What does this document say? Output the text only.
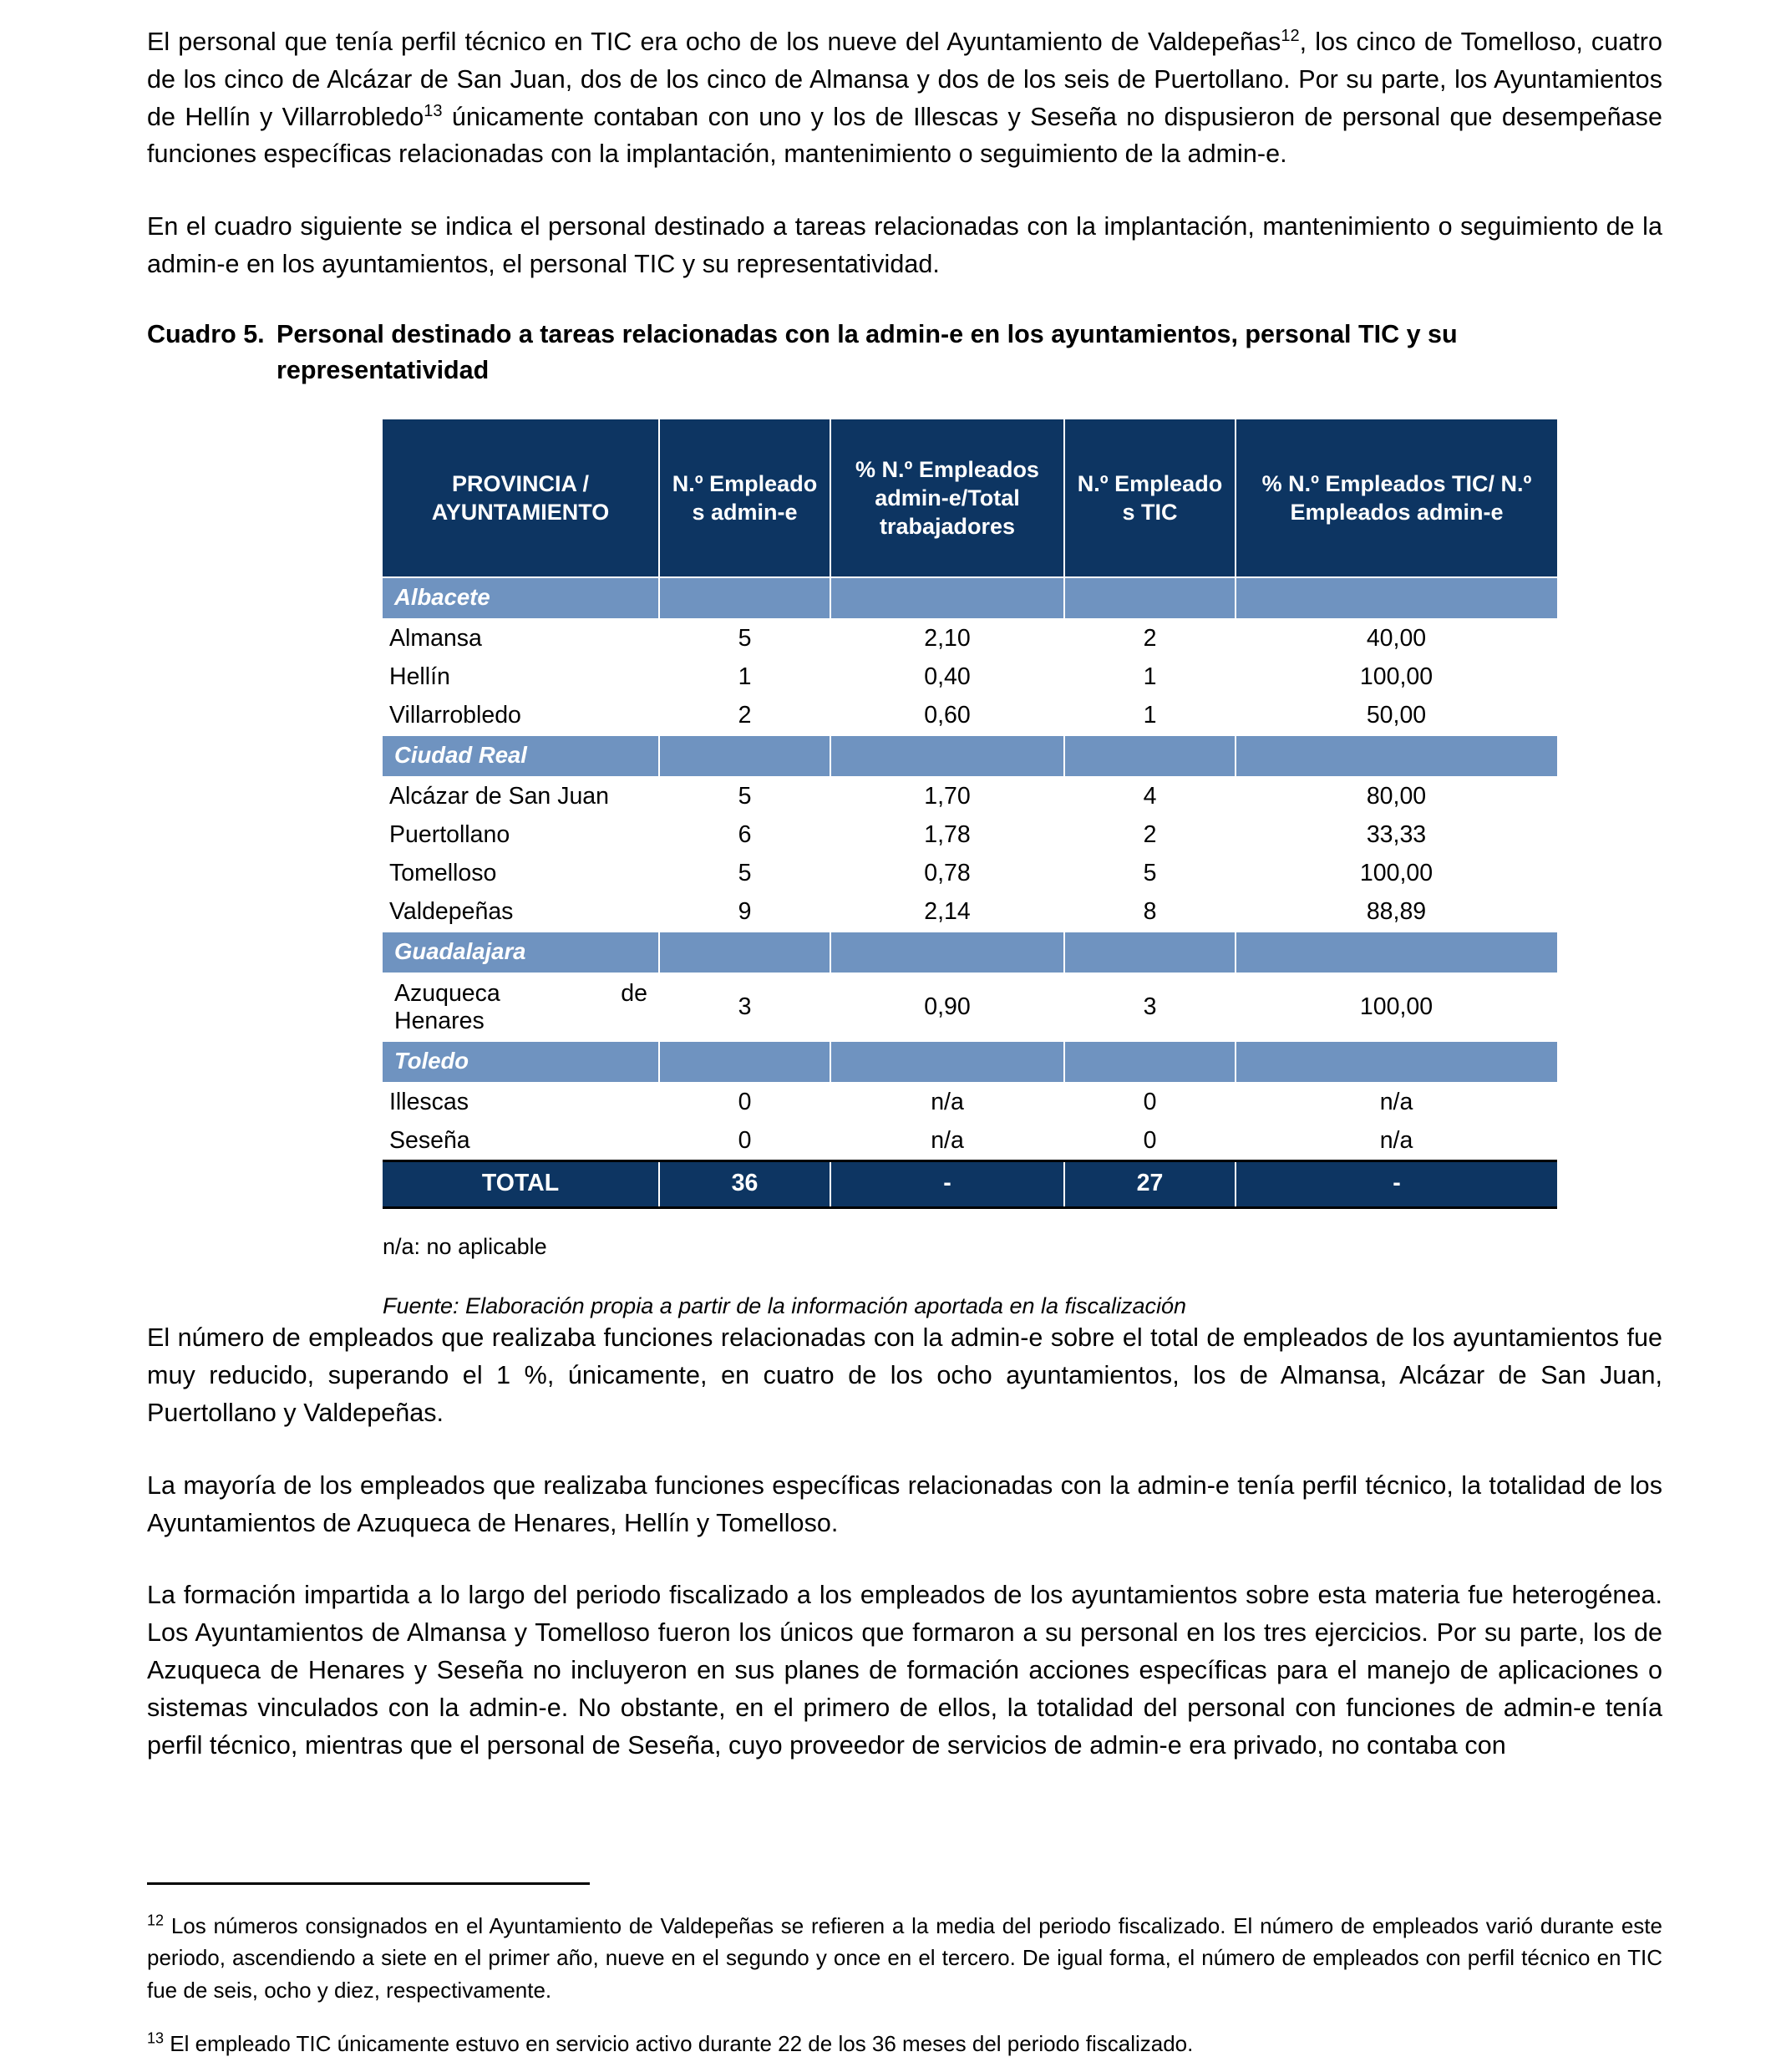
El personal que tenía perfil técnico en TIC era ocho de los nueve del Ayuntamiento de Valdepeñas$^{12}$, los cinco de Tomelloso, cuatro de los cinco de Alcázar de San Juan, dos de los cinco de Almansa y dos de los seis de Puertollano. Por su parte, los Ayuntamientos de Hellín y Villarrobledo$^{13}$ únicamente contaban con uno y los de Illescas y Seseña no dispusieron de personal que desempeñase funciones específicas relacionadas con la implantación, mantenimiento o seguimiento de la admin-e.

En el cuadro siguiente se indica el personal destinado a tareas relacionadas con la implantación, mantenimiento o seguimiento de la admin-e en los ayuntamientos, el personal TIC y su representatividad.

Cuadro 5. Personal destinado a tareas relacionadas con la admin-e en los ayuntamientos, personal TIC y su representatividad
PROVINCIA / AYUNTAMIENTO	N.º Empleado s admin-e	% N.º Empleados admin-e/Total trabajadores	N.º Empleado s TIC	% N.º Empleados TIC/ N.º Empleados admin-e
Albacete				
Almansa	5	2,10	2	40,00
Hellín	1	0,40	1	100,00
Villarrobledo	2	0,60	1	50,00
Ciudad Real				
Alcázar de San Juan	5	1,70	4	80,00
Puertollano	6	1,78	2	33,33
Tomelloso	5	0,78	5	100,00
Valdepeñas	9	2,14	8	88,89
Guadalajara				

Azuqueca de
Henares	3	0,90	3	100,00
Toledo				
Illescas	0	n/a	0	n/a
Seseña	0	n/a	0	n/a
TOTAL	36	-	27	-
n/a: no aplicable
Fuente: Elaboración propia a partir de la información aportada en la fiscalización

El número de empleados que realizaba funciones relacionadas con la admin-e sobre el total de empleados de los ayuntamientos fue muy reducido, superando el 1 %, únicamente, en cuatro de los ocho ayuntamientos, los de Almansa, Alcázar de San Juan, Puertollano y Valdepeñas.

La mayoría de los empleados que realizaba funciones específicas relacionadas con la admin-e tenía perfil técnico, la totalidad de los Ayuntamientos de Azuqueca de Henares, Hellín y Tomelloso.

La formación impartida a lo largo del periodo fiscalizado a los empleados de los ayuntamientos sobre esta materia fue heterogénea. Los Ayuntamientos de Almansa y Tomelloso fueron los únicos que formaron a su personal en los tres ejercicios. Por su parte, los de Azuqueca de Henares y Seseña no incluyeron en sus planes de formación acciones específicas para el manejo de aplicaciones o sistemas vinculados con la admin-e. No obstante, en el primero de ellos, la totalidad del personal con funciones de admin-e tenía perfil técnico, mientras que el personal de Seseña, cuyo proveedor de servicios de admin-e era privado, no contaba con

$^{12}$ Los números consignados en el Ayuntamiento de Valdepeñas se refieren a la media del periodo fiscalizado. El número de empleados varió durante este periodo, ascendiendo a siete en el primer año, nueve en el segundo y once en el tercero. De igual forma, el número de empleados con perfil técnico en TIC fue de seis, ocho y diez, respectivamente.

$^{13}$ El empleado TIC únicamente estuvo en servicio activo durante 22 de los 36 meses del periodo fiscalizado.
